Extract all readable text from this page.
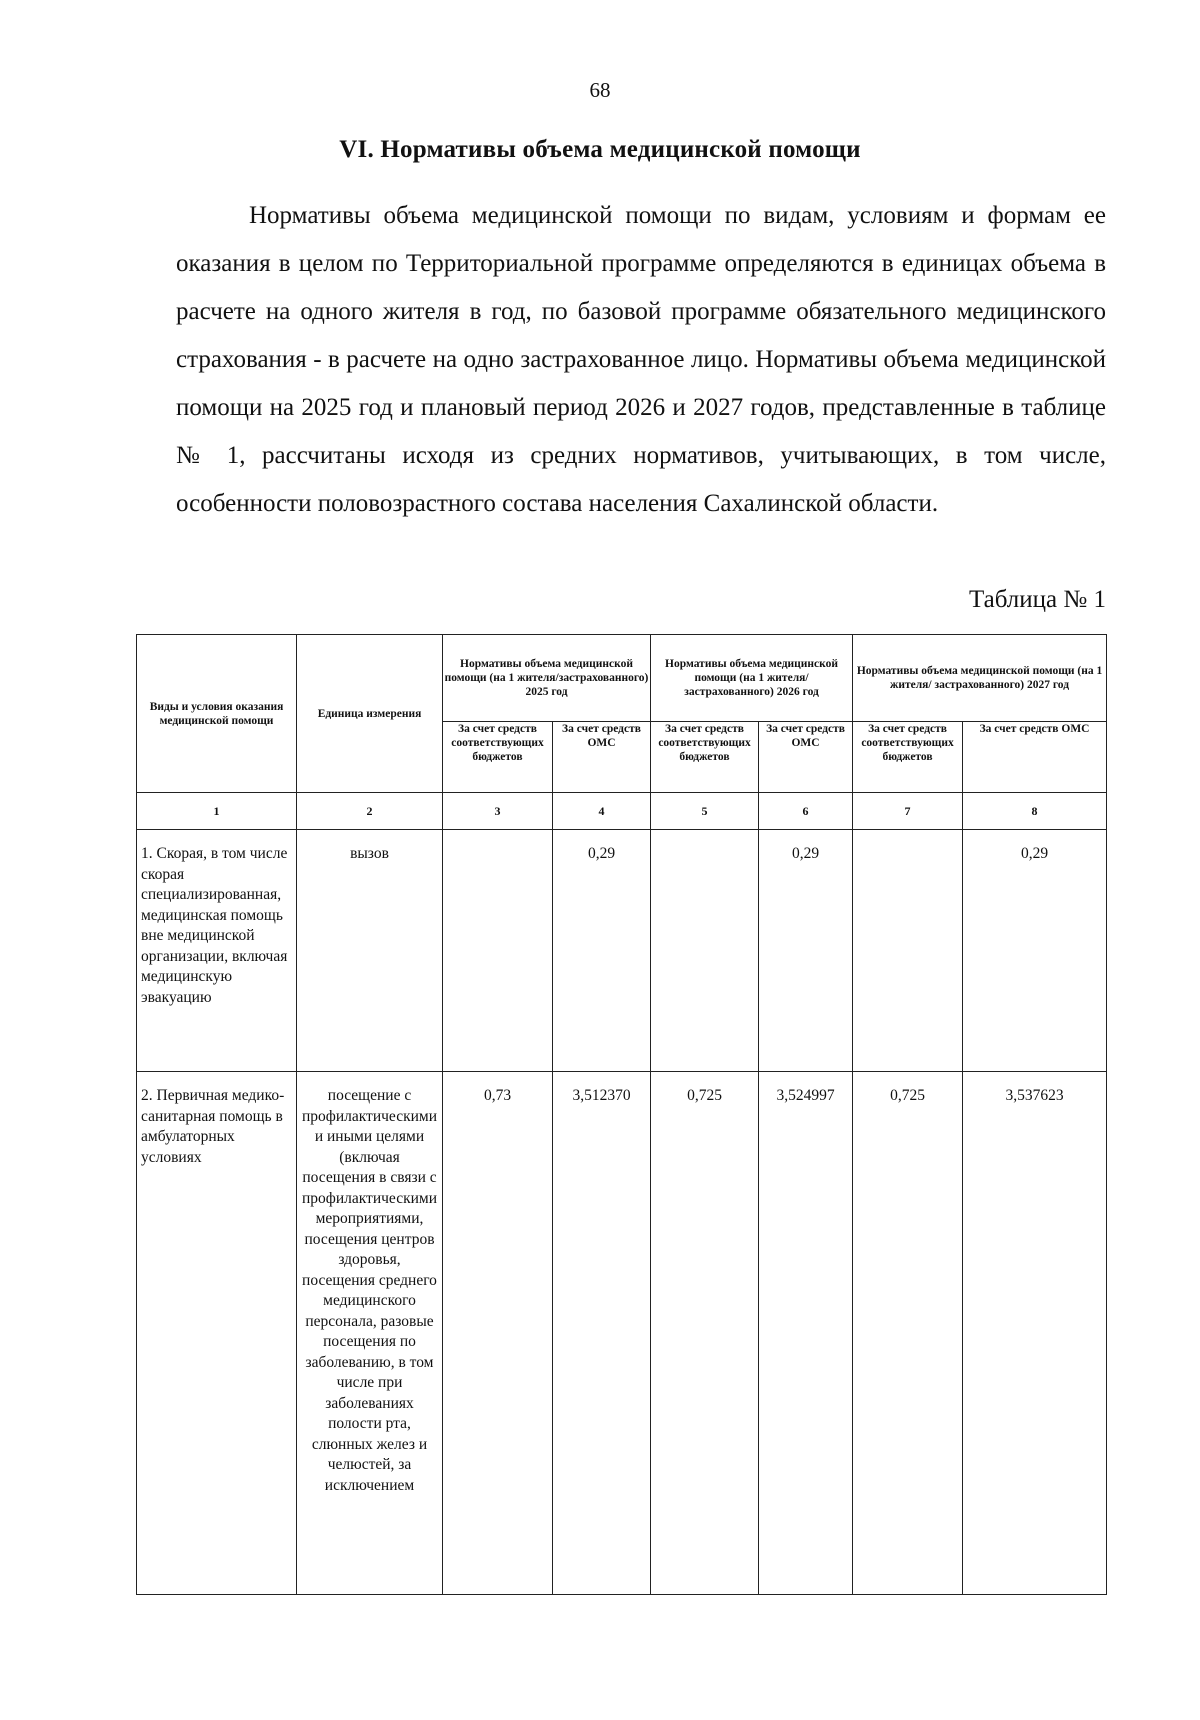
68
VI. Нормативы объема медицинской помощи

Нормативы объема медицинской помощи по видам, условиям и формам ее оказания в целом по Территориальной программе определяются в единицах объема в расчете на одного жителя в год, по базовой программе обязательного медицинского страхования - в расчете на одно застрахованное лицо. Нормативы объема медицинской помощи на 2025 год и плановый период 2026 и 2027 годов, представленные в таблице № 1, рассчитаны исходя из средних нормативов, учитывающих, в том числе, особенности половозрастного состава населения Сахалинской области.

Таблица № 1
Виды и условия оказания медицинской помощи	Единица измерения	Нормативы объема медицинской помощи (на 1 жителя/застрахованного) 2025 год		Нормативы объема медицинской помощи (на 1 жителя/застрахованного) 2026 год		Нормативы объема медицинской помощи (на 1 жителя/ застрахованного) 2027 год	
		За счет средств соответствующих бюджетов	За счет средств ОМС	За счет средств соответствующих бюджетов	За счет средств ОМС	За счет средств соответствующих бюджетов	За счет средств ОМС
1	2	3	4	5	6	7	8
1. Скорая, в том числе скорая специализированная, медицинская помощь вне медицинской организации, включая медицинскую эвакуацию	вызов		0,29		0,29		0,29
2. Первичная медико-санитарная помощь в амбулаторных условиях	посещение с профилактическими и иными целями (включая посещения в связи с профилактическими мероприятиями, посещения центров здоровья, посещения среднего медицинского персонала, разовые посещения по заболеванию, в том числе при заболеваниях полости рта, слюнных желез и челюстей, за исключением	0,73	3,512370	0,725	3,524997	0,725	3,537623
